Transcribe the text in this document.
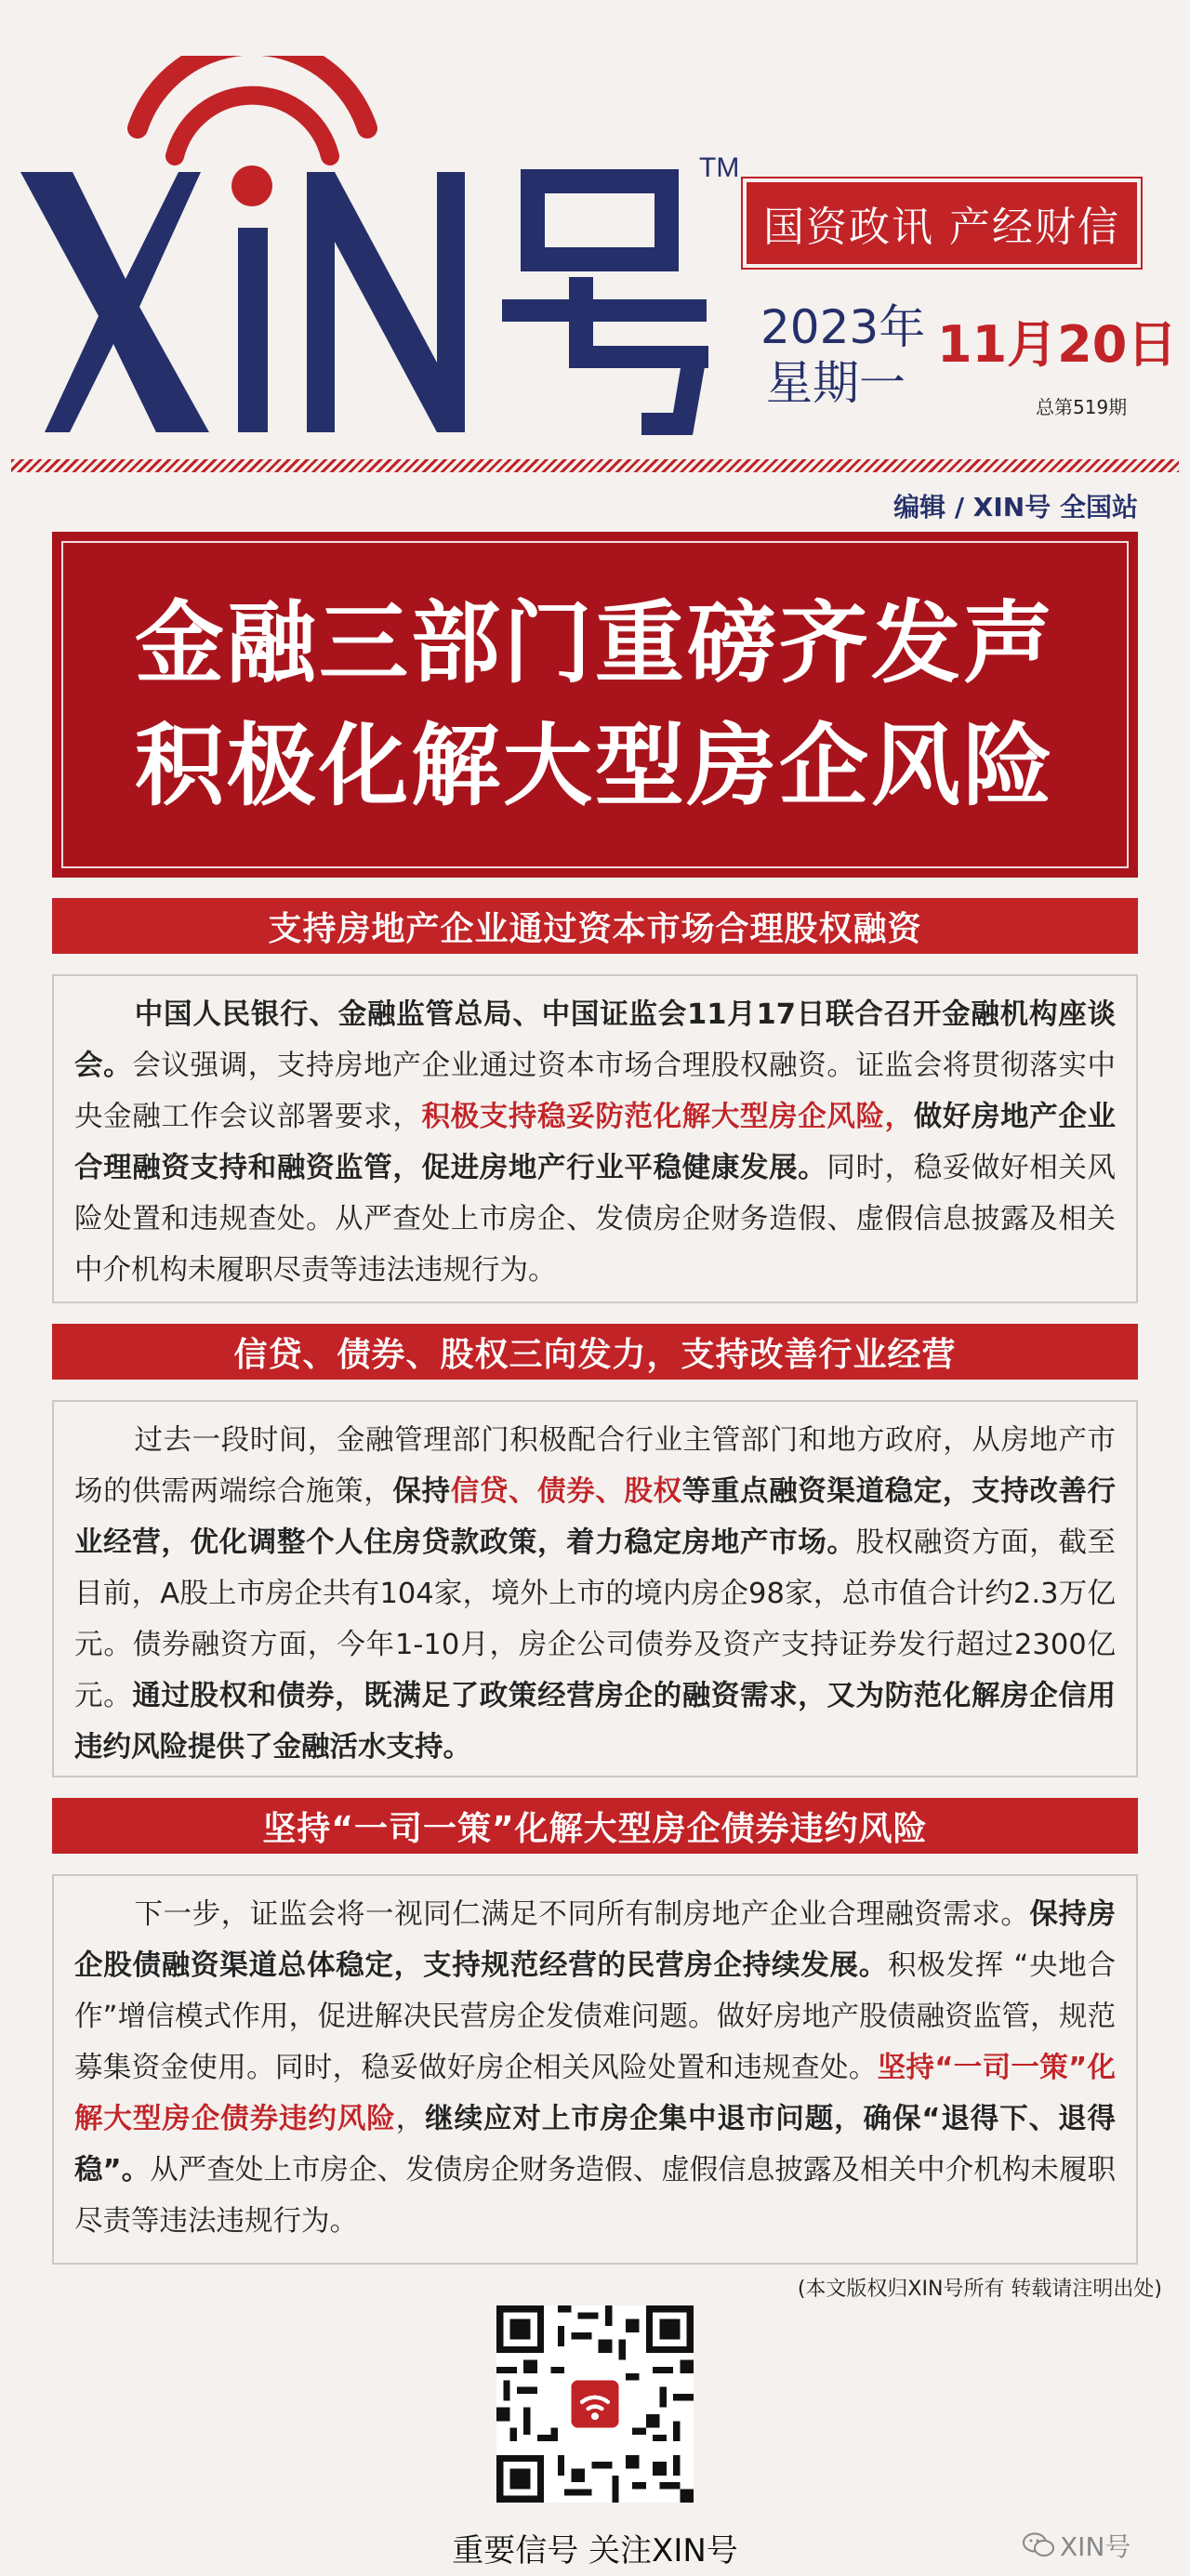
TM
国资政讯 产经财信
2023年
星期一
11月20日
总第519期
编辑 / XIN号 全国站
金融三部门重磅齐发声
积极化解大型房企风险
支持房地产企业通过资本市场合理股权融资
中国人民银行、金融监管总局、中国证监会11月17日联合召开金融机构座谈会。会议强调，支持房地产企业通过资本市场合理股权融资。证监会将贯彻落实中央金融工作会议部署要求，积极支持稳妥防范化解大型房企风险，做好房地产企业合理融资支持和融资监管，促进房地产行业平稳健康发展。同时，稳妥做好相关风险处置和违规查处。从严查处上市房企、发债房企财务造假、虚假信息披露及相关中介机构未履职尽责等违法违规行为。
信贷、债券、股权三向发力，支持改善行业经营
过去一段时间，金融管理部门积极配合行业主管部门和地方政府，从房地产市场的供需两端综合施策，保持信贷、债券、股权等重点融资渠道稳定，支持改善行业经营，优化调整个人住房贷款政策，着力稳定房地产市场。股权融资方面，截至目前，A股上市房企共有104家，境外上市的境内房企98家，总市值合计约2.3万亿元。债券融资方面，今年1-10月，房企公司债券及资产支持证券发行超过2300亿元。通过股权和债券，既满足了政策经营房企的融资需求，又为防范化解房企信用违约风险提供了金融活水支持。
坚持“一司一策”化解大型房企债券违约风险
下一步，证监会将一视同仁满足不同所有制房地产企业合理融资需求。保持房企股债融资渠道总体稳定，支持规范经营的民营房企持续发展。积极发挥 “央地合作”增信模式作用，促进解决民营房企发债难问题。做好房地产股债融资监管，规范募集资金使用。同时，稳妥做好房企相关风险处置和违规查处。坚持“一司一策”化解大型房企债券违约风险，继续应对上市房企集中退市问题，确保“退得下、退得稳”。从严查处上市房企、发债房企财务造假、虚假信息披露及相关中介机构未履职尽责等违法违规行为。
(本文版权归XIN号所有 转载请注明出处)
重要信号 关注XIN号	XIN号
